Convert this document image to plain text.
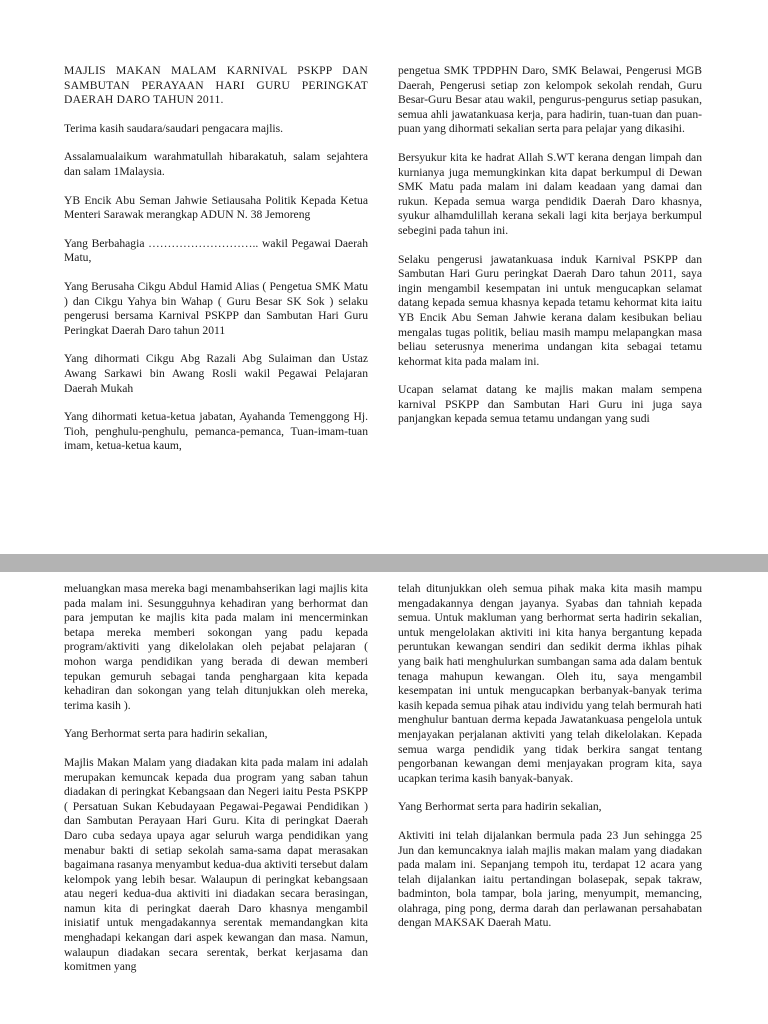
MAJLIS MAKAN MALAM KARNIVAL PSKPP DAN SAMBUTAN PERAYAAN HARI GURU PERINGKAT DAERAH DARO TAHUN 2011.

Terima kasih saudara/saudari pengacara majlis.

Assalamualaikum warahmatullah hibarakatuh, salam sejahtera dan salam 1Malaysia.

YB Encik Abu Seman Jahwie Setiausaha Politik Kepada Ketua Menteri Sarawak merangkap ADUN N. 38 Jemoreng

Yang Berbahagia ……………………….. wakil Pegawai Daerah Matu,

Yang Berusaha Cikgu Abdul Hamid Alias ( Pengetua SMK Matu ) dan Cikgu Yahya bin Wahap ( Guru Besar SK Sok ) selaku pengerusi bersama Karnival PSKPP dan Sambutan Hari Guru Peringkat Daerah Daro tahun 2011

Yang dihormati Cikgu Abg Razali Abg Sulaiman dan Ustaz Awang Sarkawi bin Awang Rosli wakil Pegawai Pelajaran Daerah Mukah

Yang dihormati ketua-ketua jabatan, Ayahanda Temenggong Hj. Tioh, penghulu-penghulu, pemanca-pemanca, Tuan-imam-tuan imam, ketua-ketua kaum,

pengetua SMK TPDPHN Daro, SMK Belawai, Pengerusi MGB Daerah, Pengerusi setiap zon kelompok sekolah rendah, Guru Besar-Guru Besar atau wakil, pengurus-pengurus setiap pasukan, semua ahli jawatankuasa kerja, para hadirin, tuan-tuan dan puan-puan yang dihormati sekalian serta para pelajar yang dikasihi.

Bersyukur kita ke hadrat Allah S.WT kerana dengan limpah dan kurnianya juga memungkinkan kita dapat berkumpul di Dewan SMK Matu pada malam ini dalam keadaan yang damai dan rukun. Kepada semua warga pendidik Daerah Daro khasnya, syukur alhamdulillah kerana sekali lagi kita berjaya berkumpul sebegini pada tahun ini.

Selaku pengerusi jawatankuasa induk Karnival PSKPP dan Sambutan Hari Guru peringkat Daerah Daro tahun 2011, saya ingin mengambil kesempatan ini untuk mengucapkan selamat datang kepada semua khasnya kepada tetamu kehormat kita iaitu YB Encik Abu Seman Jahwie kerana dalam kesibukan beliau mengalas tugas politik, beliau masih mampu melapangkan masa beliau seterusnya menerima undangan kita sebagai tetamu kehormat kita pada malam ini.

Ucapan selamat datang ke majlis makan malam sempena karnival PSKPP dan Sambutan Hari Guru ini juga saya panjangkan kepada semua tetamu undangan yang sudi

meluangkan masa mereka bagi menambahserikan lagi majlis kita pada malam ini. Sesungguhnya kehadiran yang berhormat dan para jemputan ke majlis kita pada malam ini mencerminkan betapa mereka memberi sokongan yang padu kepada program/aktiviti yang dikelolakan oleh pejabat pelajaran ( mohon warga pendidikan yang berada di dewan memberi tepukan gemuruh sebagai tanda penghargaan kita kepada kehadiran dan sokongan yang telah ditunjukkan oleh mereka, terima kasih ).

Yang Berhormat serta para hadirin sekalian,

Majlis Makan Malam yang diadakan kita pada malam ini adalah merupakan kemuncak kepada dua program yang saban tahun diadakan di peringkat Kebangsaan dan Negeri iaitu Pesta PSKPP ( Persatuan Sukan Kebudayaan Pegawai-Pegawai Pendidikan ) dan Sambutan Perayaan Hari Guru. Kita di peringkat Daerah Daro cuba sedaya upaya agar seluruh warga pendidikan yang menabur bakti di setiap sekolah sama-sama dapat merasakan bagaimana rasanya menyambut kedua-dua aktiviti tersebut dalam kelompok yang lebih besar. Walaupun di peringkat kebangsaan atau negeri kedua-dua aktiviti ini diadakan secara berasingan, namun kita di peringkat daerah Daro khasnya mengambil inisiatif untuk mengadakannya serentak memandangkan kita menghadapi kekangan dari aspek kewangan dan masa. Namun, walaupun diadakan secara serentak, berkat kerjasama dan komitmen yang

telah ditunjukkan oleh semua pihak maka kita masih mampu mengadakannya dengan jayanya. Syabas dan tahniah kepada semua. Untuk makluman yang berhormat serta hadirin sekalian, untuk mengelolakan aktiviti ini kita hanya bergantung kepada peruntukan kewangan sendiri dan sedikit derma ikhlas pihak yang baik hati menghulurkan sumbangan sama ada dalam bentuk tenaga mahupun kewangan. Oleh itu, saya mengambil kesempatan ini untuk mengucapkan berbanyak-banyak terima kasih kepada semua pihak atau individu yang telah bermurah hati menghulur bantuan derma kepada Jawatankuasa pengelola untuk menjayakan perjalanan aktiviti yang telah dikelolakan. Kepada semua warga pendidik yang tidak berkira sangat tentang pengorbanan kewangan demi menjayakan program kita, saya ucapkan terima kasih banyak-banyak.

Yang Berhormat serta para hadirin sekalian,

Aktiviti ini telah dijalankan bermula pada 23 Jun sehingga 25 Jun dan kemuncaknya ialah majlis makan malam yang diadakan pada malam ini. Sepanjang tempoh itu, terdapat 12 acara yang telah dijalankan iaitu pertandingan bolasepak, sepak takraw, badminton, bola tampar, bola jaring, menyumpit, memancing, olahraga, ping pong, derma darah dan perlawanan persahabatan dengan MAKSAK Daerah Matu.
